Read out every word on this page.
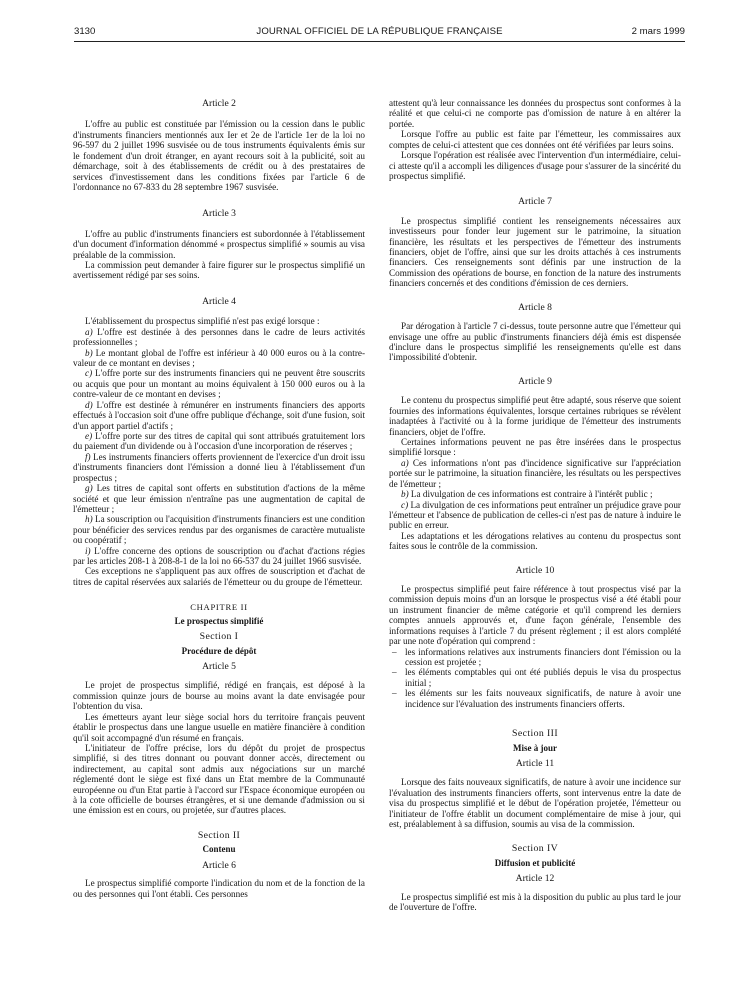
3130	JOURNAL OFFICIEL DE LA RÉPUBLIQUE FRANÇAISE	2 mars 1999

Article 2

L'offre au public est constituée par l'émission ou la cession dans le public d'instruments financiers mentionnés aux Ier et 2e de l'article 1er de la loi no 96-597 du 2 juillet 1996 susvisée ou de tous instruments équivalents émis sur le fondement d'un droit étranger, en ayant recours soit à la publicité, soit au démarchage, soit à des établissements de crédit ou à des prestataires de services d'investissement dans les conditions fixées par l'article 6 de l'ordonnance no 67-833 du 28 septembre 1967 susvisée.

Article 3

L'offre au public d'instruments financiers est subordonnée à l'établissement d'un document d'information dénommé « prospectus simplifié » soumis au visa préalable de la commission.

La commission peut demander à faire figurer sur le prospectus simplifié un avertissement rédigé par ses soins.

Article 4

L'établissement du prospectus simplifié n'est pas exigé lorsque :

a) L'offre est destinée à des personnes dans le cadre de leurs activités professionnelles ;

b) Le montant global de l'offre est inférieur à 40 000 euros ou à la contre-valeur de ce montant en devises ;

c) L'offre porte sur des instruments financiers qui ne peuvent être souscrits ou acquis que pour un montant au moins équivalent à 150 000 euros ou à la contre-valeur de ce montant en devises ;

d) L'offre est destinée à rémunérer en instruments financiers des apports effectués à l'occasion soit d'une offre publique d'échange, soit d'une fusion, soit d'un apport partiel d'actifs ;

e) L'offre porte sur des titres de capital qui sont attribués gratuitement lors du paiement d'un dividende ou à l'occasion d'une incorporation de réserves ;

f) Les instruments financiers offerts proviennent de l'exercice d'un droit issu d'instruments financiers dont l'émission a donné lieu à l'établissement d'un prospectus ;

g) Les titres de capital sont offerts en substitution d'actions de la même société et que leur émission n'entraîne pas une augmentation de capital de l'émetteur ;

h) La souscription ou l'acquisition d'instruments financiers est une condition pour bénéficier des services rendus par des organismes de caractère mutualiste ou coopératif ;

i) L'offre concerne des options de souscription ou d'achat d'actions régies par les articles 208-1 à 208-8-1 de la loi no 66-537 du 24 juillet 1966 susvisée.

Ces exceptions ne s'appliquent pas aux offres de souscription et d'achat de titres de capital réservées aux salariés de l'émetteur ou du groupe de l'émetteur.

CHAPITRE II

Le prospectus simplifié

Section I

Procédure de dépôt

Article 5

Le projet de prospectus simplifié, rédigé en français, est déposé à la commission quinze jours de bourse au moins avant la date envisagée pour l'obtention du visa.

Les émetteurs ayant leur siège social hors du territoire français peuvent établir le prospectus dans une langue usuelle en matière financière à condition qu'il soit accompagné d'un résumé en français.

L'initiateur de l'offre précise, lors du dépôt du projet de prospectus simplifié, si des titres donnant ou pouvant donner accès, directement ou indirectement, au capital sont admis aux négociations sur un marché réglementé dont le siège est fixé dans un Etat membre de la Communauté européenne ou d'un Etat partie à l'accord sur l'Espace économique européen ou à la cote officielle de bourses étrangères, et si une demande d'admission ou si une émission est en cours, ou projetée, sur d'autres places.

Section II

Contenu

Article 6

Le prospectus simplifié comporte l'indication du nom et de la fonction de la ou des personnes qui l'ont établi. Ces personnes

attestent qu'à leur connaissance les données du prospectus sont conformes à la réalité et que celui-ci ne comporte pas d'omission de nature à en altérer la portée.

Lorsque l'offre au public est faite par l'émetteur, les commissaires aux comptes de celui-ci attestent que ces données ont été vérifiées par leurs soins.

Lorsque l'opération est réalisée avec l'intervention d'un intermédiaire, celui-ci atteste qu'il a accompli les diligences d'usage pour s'assurer de la sincérité du prospectus simplifié.

Article 7

Le prospectus simplifié contient les renseignements nécessaires aux investisseurs pour fonder leur jugement sur le patrimoine, la situation financière, les résultats et les perspectives de l'émetteur des instruments financiers, objet de l'offre, ainsi que sur les droits attachés à ces instruments financiers. Ces renseignements sont définis par une instruction de la Commission des opérations de bourse, en fonction de la nature des instruments financiers concernés et des conditions d'émission de ces derniers.

Article 8

Par dérogation à l'article 7 ci-dessus, toute personne autre que l'émetteur qui envisage une offre au public d'instruments financiers déjà émis est dispensée d'inclure dans le prospectus simplifié les renseignements qu'elle est dans l'impossibilité d'obtenir.

Article 9

Le contenu du prospectus simplifié peut être adapté, sous réserve que soient fournies des informations équivalentes, lorsque certaines rubriques se révèlent inadaptées à l'activité ou à la forme juridique de l'émetteur des instruments financiers, objet de l'offre.

Certaines informations peuvent ne pas être insérées dans le prospectus simplifié lorsque :

a) Ces informations n'ont pas d'incidence significative sur l'appréciation portée sur le patrimoine, la situation financière, les résultats ou les perspectives de l'émetteur ;

b) La divulgation de ces informations est contraire à l'intérêt public ;

c) La divulgation de ces informations peut entraîner un préjudice grave pour l'émetteur et l'absence de publication de celles-ci n'est pas de nature à induire le public en erreur.

Les adaptations et les dérogations relatives au contenu du prospectus sont faites sous le contrôle de la commission.

Article 10

Le prospectus simplifié peut faire référence à tout prospectus visé par la commission depuis moins d'un an lorsque le prospectus visé a été établi pour un instrument financier de même catégorie et qu'il comprend les derniers comptes annuels approuvés et, d'une façon générale, l'ensemble des informations requises à l'article 7 du présent règlement ; il est alors complété par une note d'opération qui comprend :

– les informations relatives aux instruments financiers dont l'émission ou la cession est projetée ;
– les éléments comptables qui ont été publiés depuis le visa du prospectus initial ;
– les éléments sur les faits nouveaux significatifs, de nature à avoir une incidence sur l'évaluation des instruments financiers offerts.

Section III

Mise à jour

Article 11

Lorsque des faits nouveaux significatifs, de nature à avoir une incidence sur l'évaluation des instruments financiers offerts, sont intervenus entre la date de visa du prospectus simplifié et le début de l'opération projetée, l'émetteur ou l'initiateur de l'offre établit un document complémentaire de mise à jour, qui est, préalablement à sa diffusion, soumis au visa de la commission.

Section IV

Diffusion et publicité

Article 12

Le prospectus simplifié est mis à la disposition du public au plus tard le jour de l'ouverture de l'offre.
